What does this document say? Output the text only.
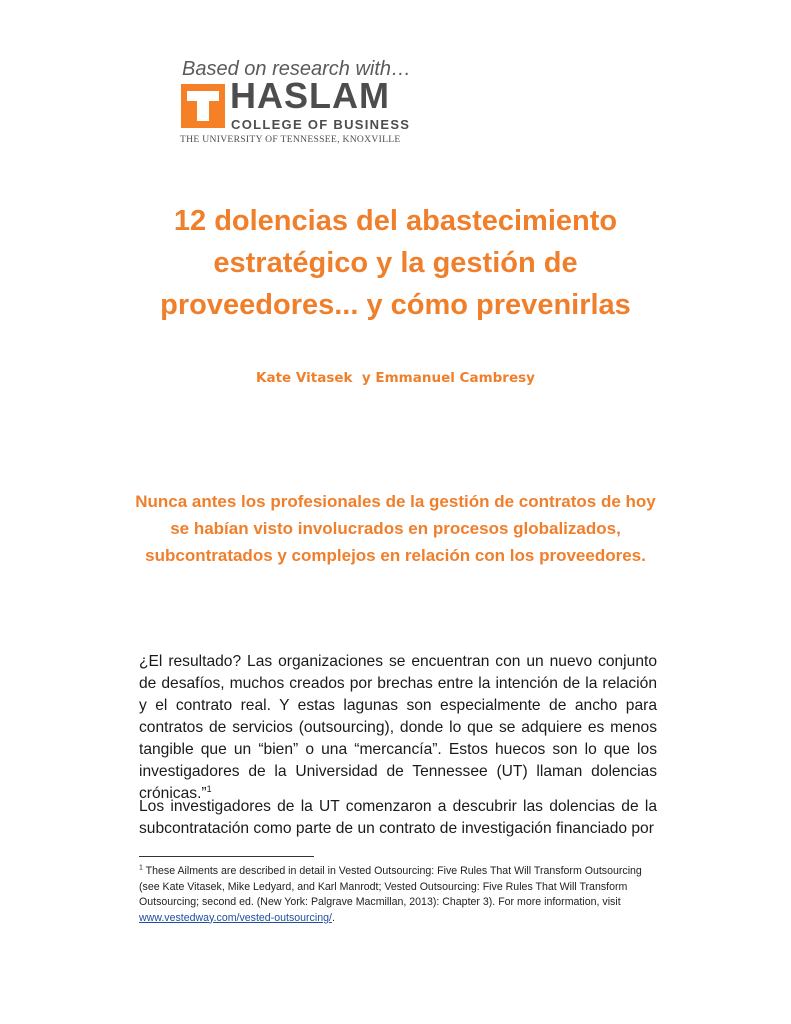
Based on research with…
HASLAM
COLLEGE OF BUSINESS
THE UNIVERSITY OF TENNESSEE, KNOXVILLE
12 dolencias del abastecimiento
estratégico y la gestión de
proveedores... y cómo prevenirlas
Kate Vitasek  y Emmanuel Cambresy

Nunca antes los profesionales de la gestión de contratos de hoy
se habían visto involucrados en procesos globalizados,
subcontratados y complejos en relación con los proveedores.

¿El resultado? Las organizaciones se encuentran con un nuevo conjunto de desafíos, muchos creados por brechas entre la intención de la relación y el contrato real. Y estas lagunas son especialmente de ancho para contratos de servicios (outsourcing), donde lo que se adquiere es menos tangible que un “bien” o una “mercancía”. Estos huecos son lo que los investigadores de la Universidad de Tennessee (UT) llaman dolencias crónicas.”$^1$

Los investigadores de la UT comenzaron a descubrir las dolencias de la subcontratación como parte de un contrato de investigación financiado por

$^1$ These Ailments are described in detail in Vested Outsourcing: Five Rules That Will Transform Outsourcing (see Kate Vitasek, Mike Ledyard, and Karl Manrodt; Vested Outsourcing: Five Rules That Will Transform Outsourcing; second ed. (New York: Palgrave Macmillan, 2013): Chapter 3). For more information, visit www.vestedway.com/vested-outsourcing/.
